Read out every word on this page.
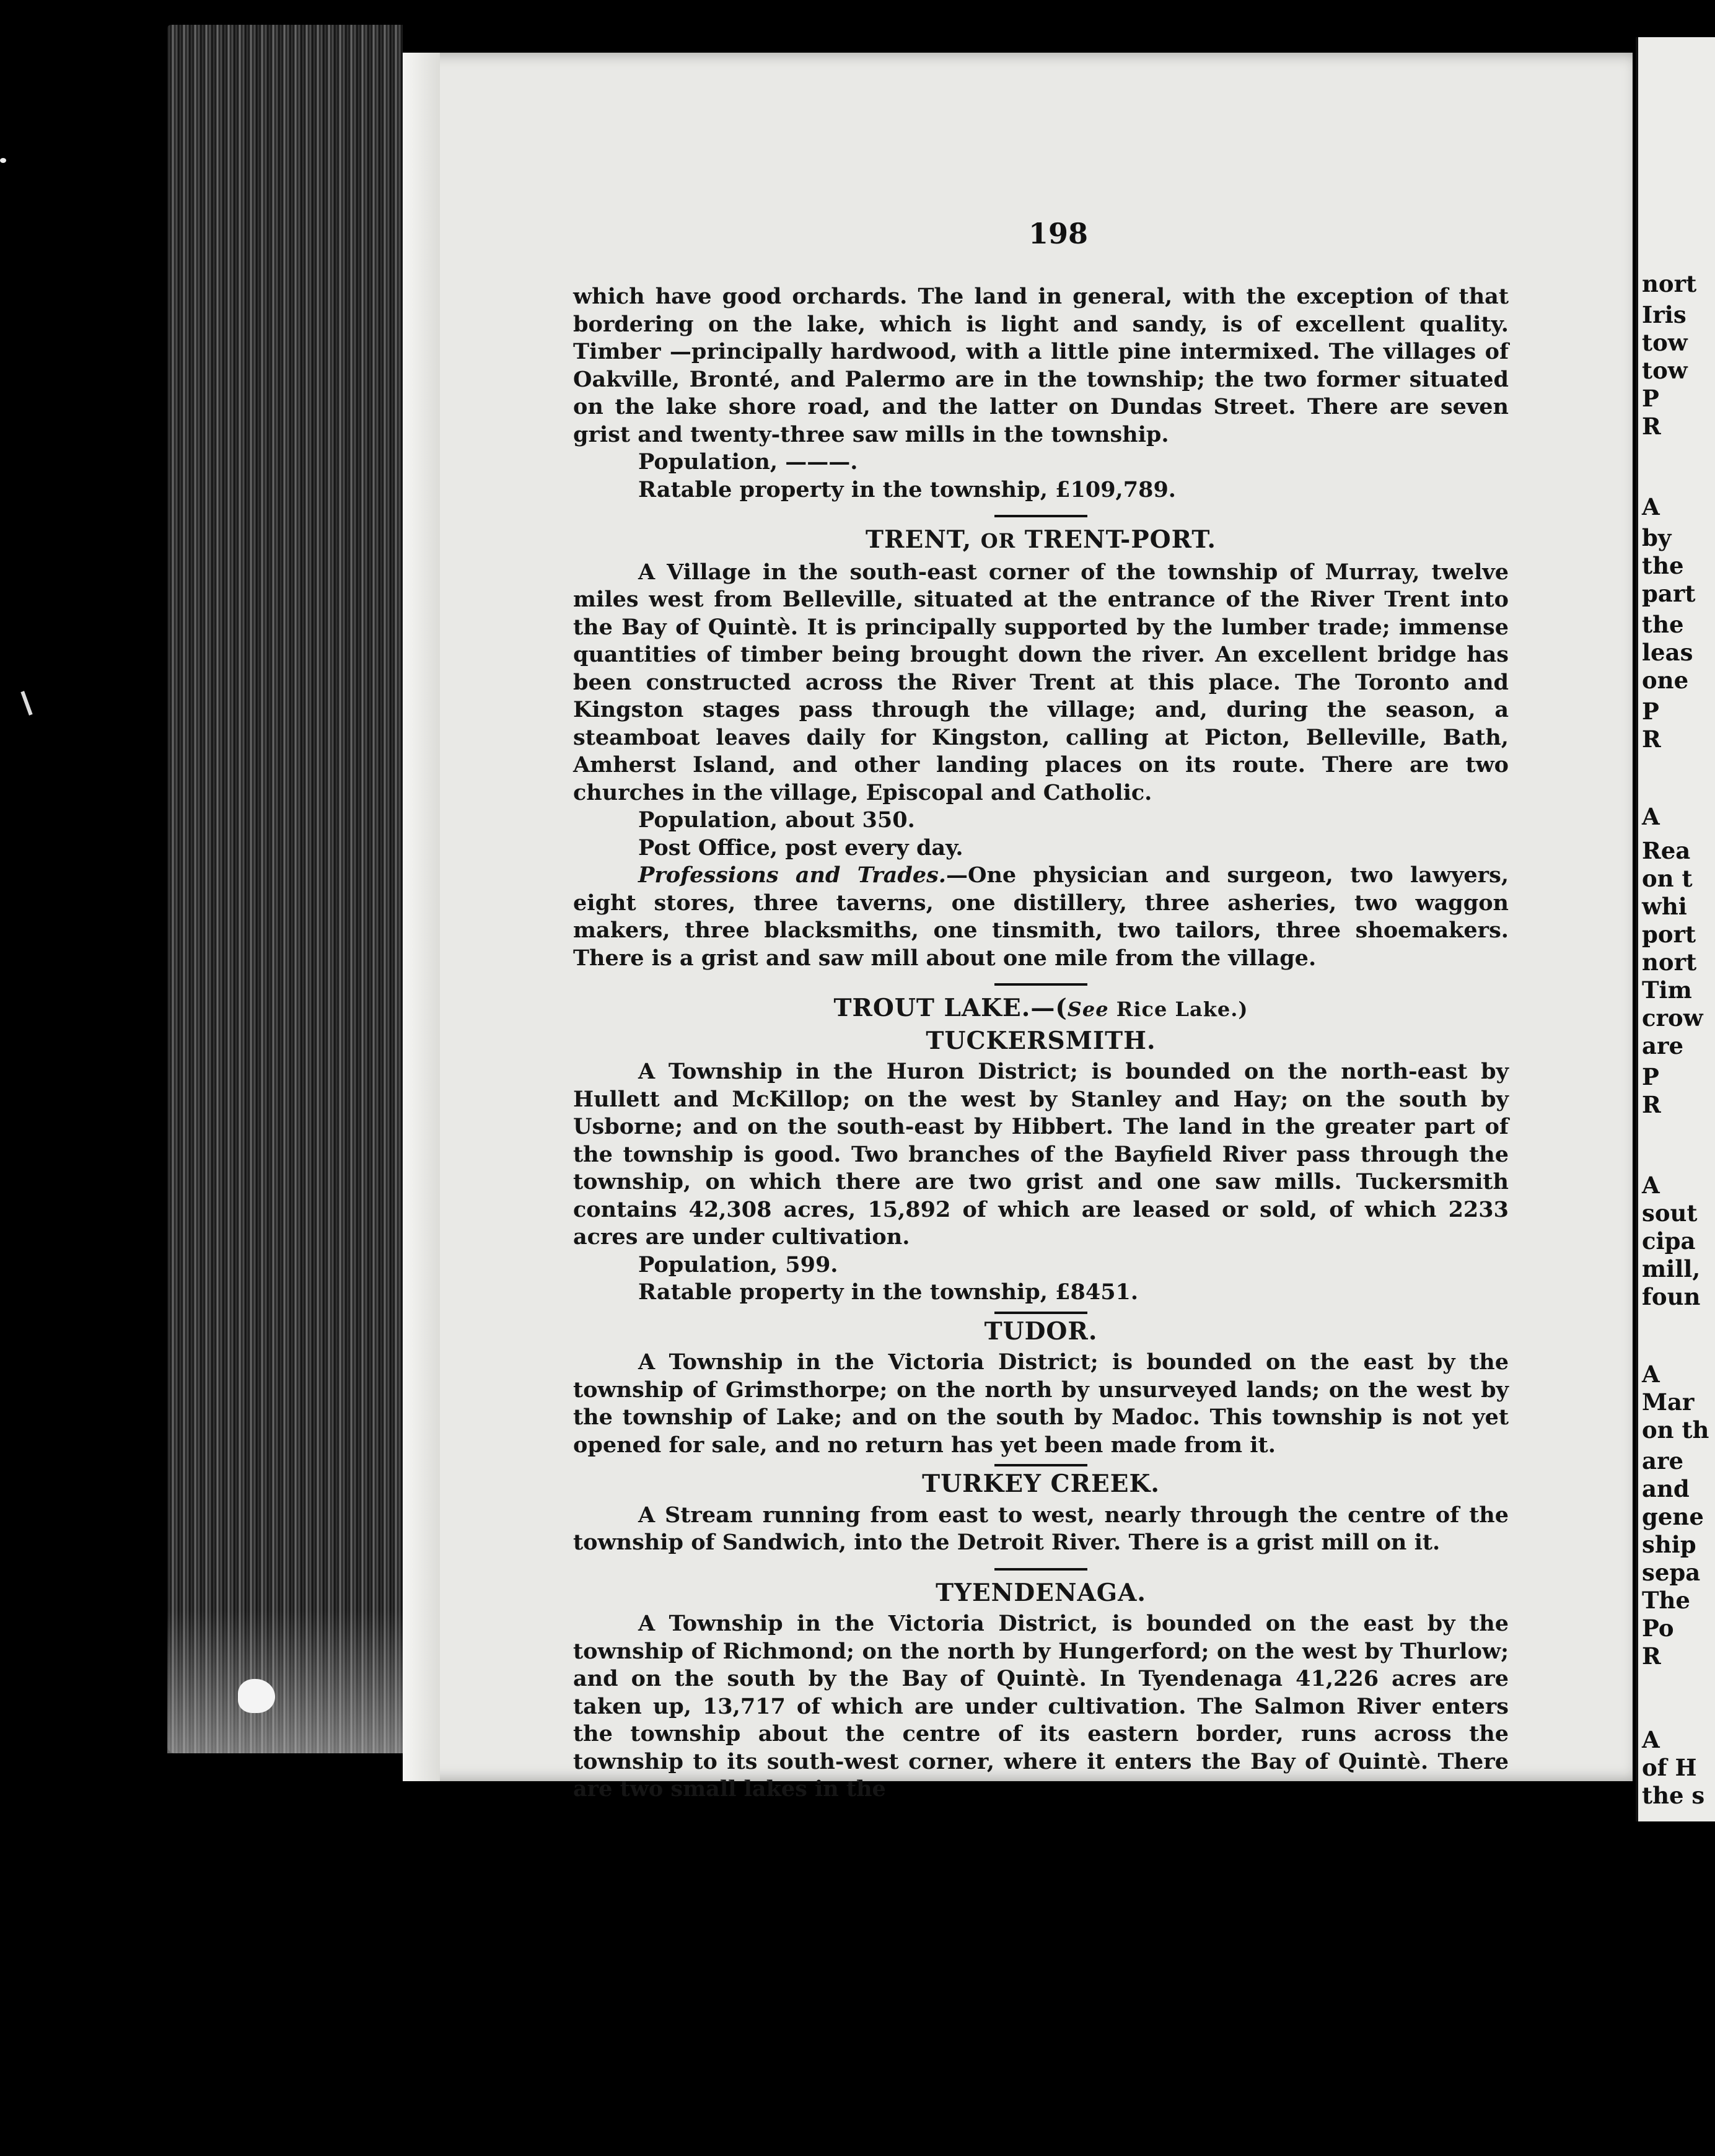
nort
Iris
tow
tow
P
R
A
by
the
part
the
leas
one
P
R
A
Rea
on t
whi
port
nort
Tim
crow
are
P
R
A
sout
cipa
mill,
foun
A
Mar
on th
are
and
gene
ship
sepa
The
Po
R
A
of H
the s
198

which have good orchards. The land in general, with the exception of that bordering on the lake, which is light and sandy, is of excellent quality. Timber —principally hardwood, with a little pine intermixed. The villages of Oakville, Bronté, and Palermo are in the township; the two former situated on the lake shore road, and the latter on Dundas Street. There are seven grist and twenty-three saw mills in the township.

Population, ———.

Ratable property in the township, £109,789.

TRENT, OR TRENT-PORT.

A Village in the south-east corner of the township of Murray, twelve miles west from Belleville, situated at the entrance of the River Trent into the Bay of Quintè. It is principally supported by the lumber trade; immense quantities of timber being brought down the river. An excellent bridge has been constructed across the River Trent at this place. The Toronto and Kingston stages pass through the village; and, during the season, a steamboat leaves daily for Kingston, calling at Picton, Belleville, Bath, Amherst Island, and other landing places on its route. There are two churches in the village, Episcopal and Catholic.

Population, about 350.

Post Office, post every day.

Professions and Trades.—One physician and surgeon, two lawyers, eight stores, three taverns, one distillery, three asheries, two waggon makers, three blacksmiths, one tinsmith, two tailors, three shoemakers. There is a grist and saw mill about one mile from the village.

TROUT LAKE.—(See Rice Lake.)
TUCKERSMITH.

A Township in the Huron District; is bounded on the north-east by Hullett and McKillop; on the west by Stanley and Hay; on the south by Usborne; and on the south-east by Hibbert. The land in the greater part of the township is good. Two branches of the Bayfield River pass through the township, on which there are two grist and one saw mills. Tuckersmith contains 42,308 acres, 15,892 of which are leased or sold, of which 2233 acres are under cultivation.

Population, 599.

Ratable property in the township, £8451.

TUDOR.

A Township in the Victoria District; is bounded on the east by the township of Grimsthorpe; on the north by unsurveyed lands; on the west by the township of Lake; and on the south by Madoc. This township is not yet opened for sale, and no return has yet been made from it.

TURKEY CREEK.

A Stream running from east to west, nearly through the centre of the township of Sandwich, into the Detroit River. There is a grist mill on it.

TYENDENAGA.

A Township in the Victoria District, is bounded on the east by the township of Richmond; on the north by Hungerford; on the west by Thurlow; and on the south by the Bay of Quintè. In Tyendenaga 41,226 acres are taken up, 13,717 of which are under cultivation. The Salmon River enters the township about the centre of its eastern border, runs across the township to its south-west corner, where it enters the Bay of Quintè. There are two small lakes in the
